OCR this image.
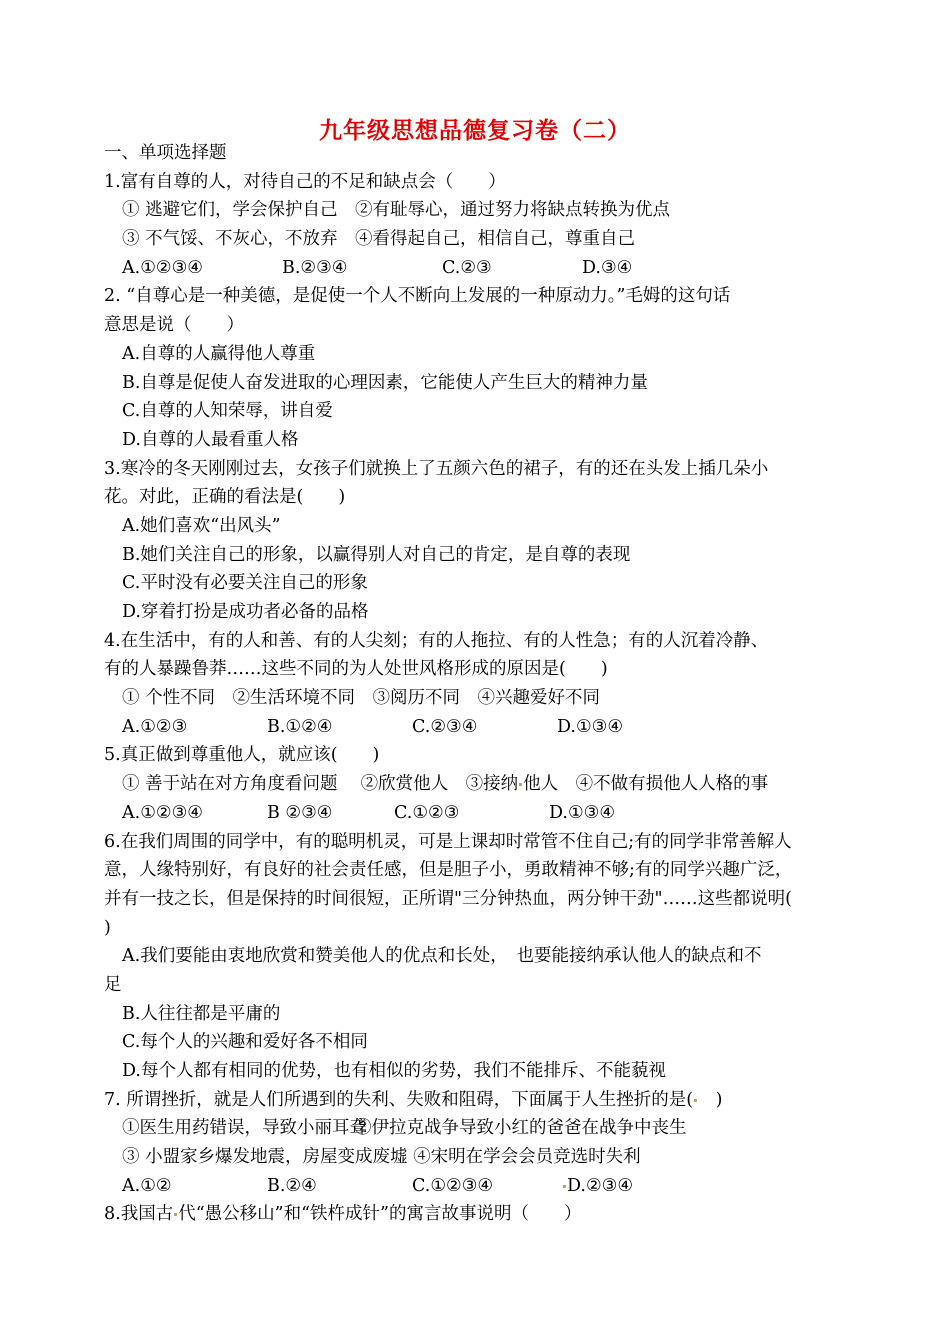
九年级思想品德复习卷（二）
一、单项选择题
1.富有自尊的人，对待自己的不足和缺点会（　　）
① 逃避它们，学会保护自己　②有耻辱心，通过努力将缺点转换为优点
③ 不气馁、不灰心，不放弃　④看得起自己，相信自己，尊重自己
A.①②③④	B.②③④	C.②③	D.③④
2. “自尊心是一种美德，是促使一个人不断向上发展的一种原动力。”毛姆的这句话
意思是说（　　）
A.自尊的人赢得他人尊重
B.自尊是促使人奋发进取的心理因素，它能使人产生巨大的精神力量
C.自尊的人知荣辱，讲自爱
D.自尊的人最看重人格
3.寒冷的冬天刚刚过去，女孩子们就换上了五颜六色的裙子，有的还在头发上插几朵小
花。对此，正确的看法是(　　)
A.她们喜欢“出风头”
B.她们关注自己的形象，以赢得别人对自己的肯定，是自尊的表现
C.平时没有必要关注自己的形象
D.穿着打扮是成功者必备的品格
4.在生活中，有的人和善、有的人尖刻；有的人拖拉、有的人性急；有的人沉着冷静、
有的人暴躁鲁莽……这些不同的为人处世风格形成的原因是(　　)
① 个性不同　②生活环境不同　③阅历不同　④兴趣爱好不同
A.①②③	B.①②④	C.②③④	D.①③④
5.真正做到尊重他人，就应该(　　)
① 善于站在对方角度看问题　 ②欣赏他人　③接纳 他人　④不做有损他人人格的事
A.①②③④	B ②③④	C.①②③	D.①③④
6.在我们周围的同学中，有的聪明机灵，可是上课却时常管不住自己;有的同学非常善解人
意，人缘特别好，有良好的社会责任感，但是胆子小，勇敢精神不够;有的同学兴趣广泛，
并有一技之长，但是保持的时间很短，正所谓"三分钟热血，两分钟干劲"……这些都说明(
)
A.我们要能由衷地欣赏和赞美他人的优点和长处，　也要能接纳承认他人的缺点和不
足
B.人往往都是平庸的
C.每个人的兴趣和爱好各不相同
D.每个人都有相同的优势，也有相似的劣势，我们不能排斥、不能藐视
7. 所谓挫折，就是人们所遇到的失利、失败和阻碍，下面属于人生挫折的是(　)
①医生用药错误，导致小丽耳聋②伊拉克战争导致小红的爸爸在战争中丧生
③ 小盟家乡爆发地震，房屋变成废墟 ④宋明在学会会员竞选时失利
A.①②	B.②④	C.①②③④	D.②③④
8.我国古 代“愚公移山”和“铁杵成针”的寓言故事说明（　　）
